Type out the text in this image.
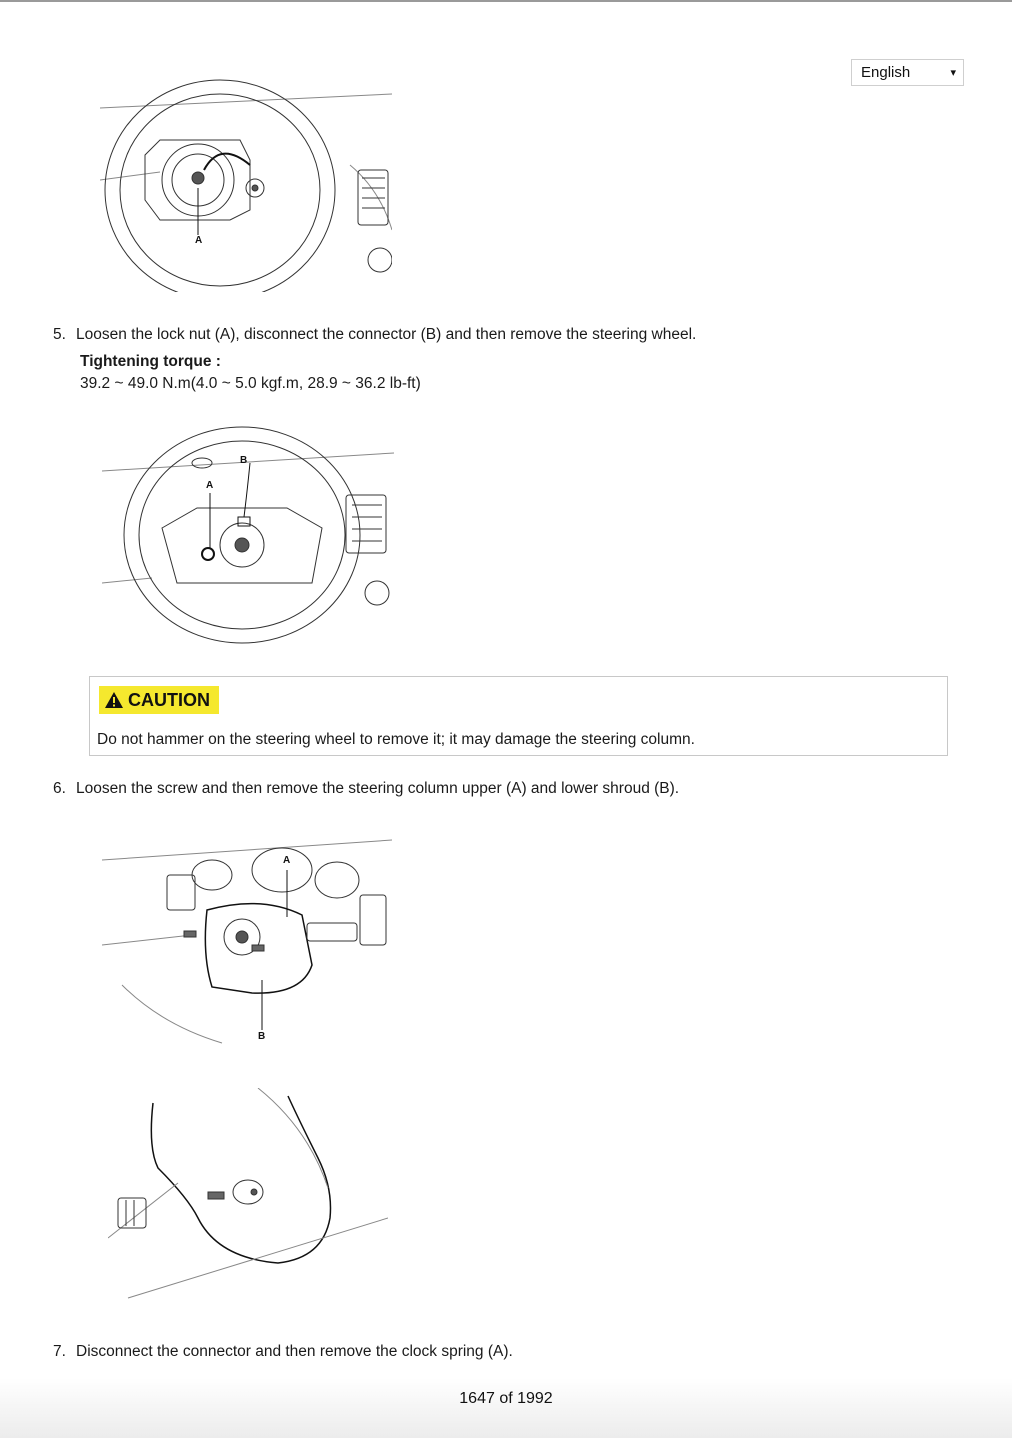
English	▾
A
5. Loosen the lock nut (A), disconnect the connector (B) and then remove the steering wheel.
Tightening torque :
39.2 ~ 49.0 N.m(4.0 ~ 5.0 kgf.m, 28.9 ~ 36.2 lb-ft)
A
B
CAUTION
Do not hammer on the steering wheel to remove it; it may damage the steering column.
6. Loosen the screw and then remove the steering column upper (A) and lower shroud (B).
A
B
7. Disconnect the connector and then remove the clock spring (A).
1647 of 1992
